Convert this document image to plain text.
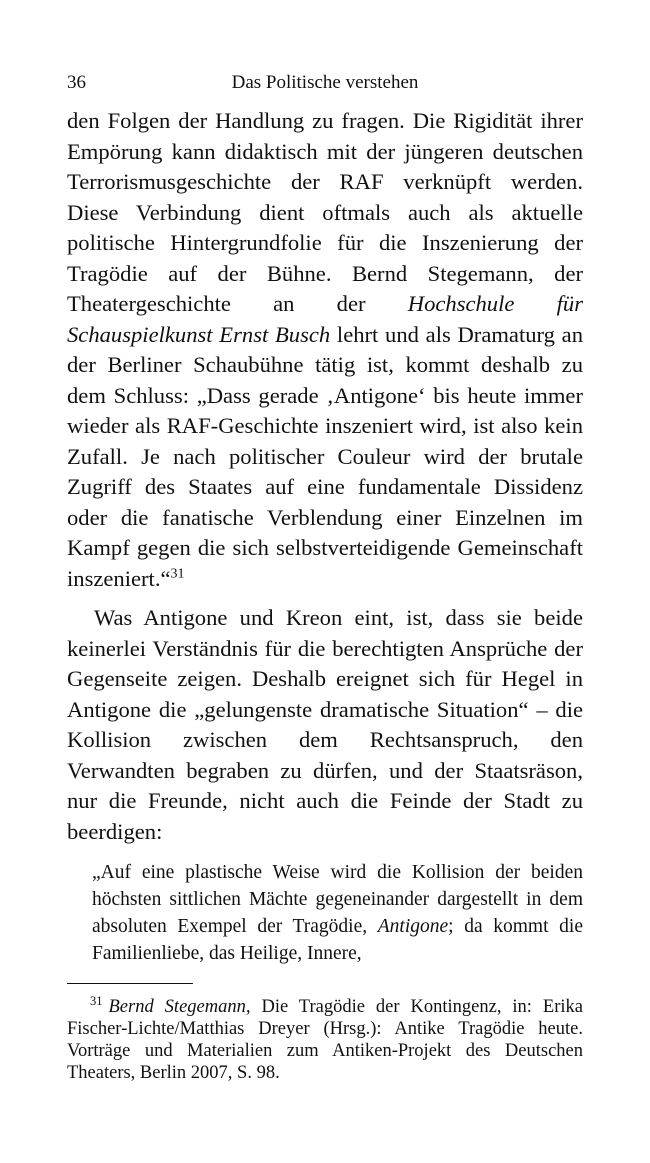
36	Das Politische verstehen

den Folgen der Handlung zu fragen. Die Rigidität ihrer Empörung kann didaktisch mit der jüngeren deutschen Terrorismusgeschichte der RAF verknüpft werden. Diese Verbindung dient oftmals auch als aktuelle politische Hintergrundfolie für die Inszenierung der Tragödie auf der Bühne. Bernd Stegemann, der Theatergeschichte an der Hochschule für Schauspielkunst Ernst Busch lehrt und als Dramaturg an der Berliner Schaubühne tätig ist, kommt deshalb zu dem Schluss: „Dass gerade ‚Antigone‘ bis heute immer wieder als RAF-Geschichte inszeniert wird, ist also kein Zufall. Je nach politischer Couleur wird der brutale Zugriff des Staates auf eine fundamentale Dissidenz oder die fanatische Verblendung einer Einzelnen im Kampf gegen die sich selbstverteidigende Gemeinschaft inszeniert.“$^{31}$

Was Antigone und Kreon eint, ist, dass sie beide keinerlei Verständnis für die berechtigten Ansprüche der Gegenseite zeigen. Deshalb ereignet sich für Hegel in Antigone die „gelungenste dramatische Situation“ – die Kollision zwischen dem Rechtsanspruch, den Verwandten begraben zu dürfen, und der Staatsräson, nur die Freunde, nicht auch die Feinde der Stadt zu beerdigen:

„Auf eine plastische Weise wird die Kollision der beiden höchsten sittlichen Mächte gegeneinander dargestellt in dem absoluten Exempel der Tragödie, Antigone; da kommt die Familienliebe, das Heilige, Innere,
$^{31}$ Bernd Stegemann, Die Tragödie der Kontingenz, in: Erika Fischer-Lichte/Matthias Dreyer (Hrsg.): Antike Tragödie heute. Vorträge und Materialien zum Antiken-Projekt des Deutschen Theaters, Berlin 2007, S. 98.
